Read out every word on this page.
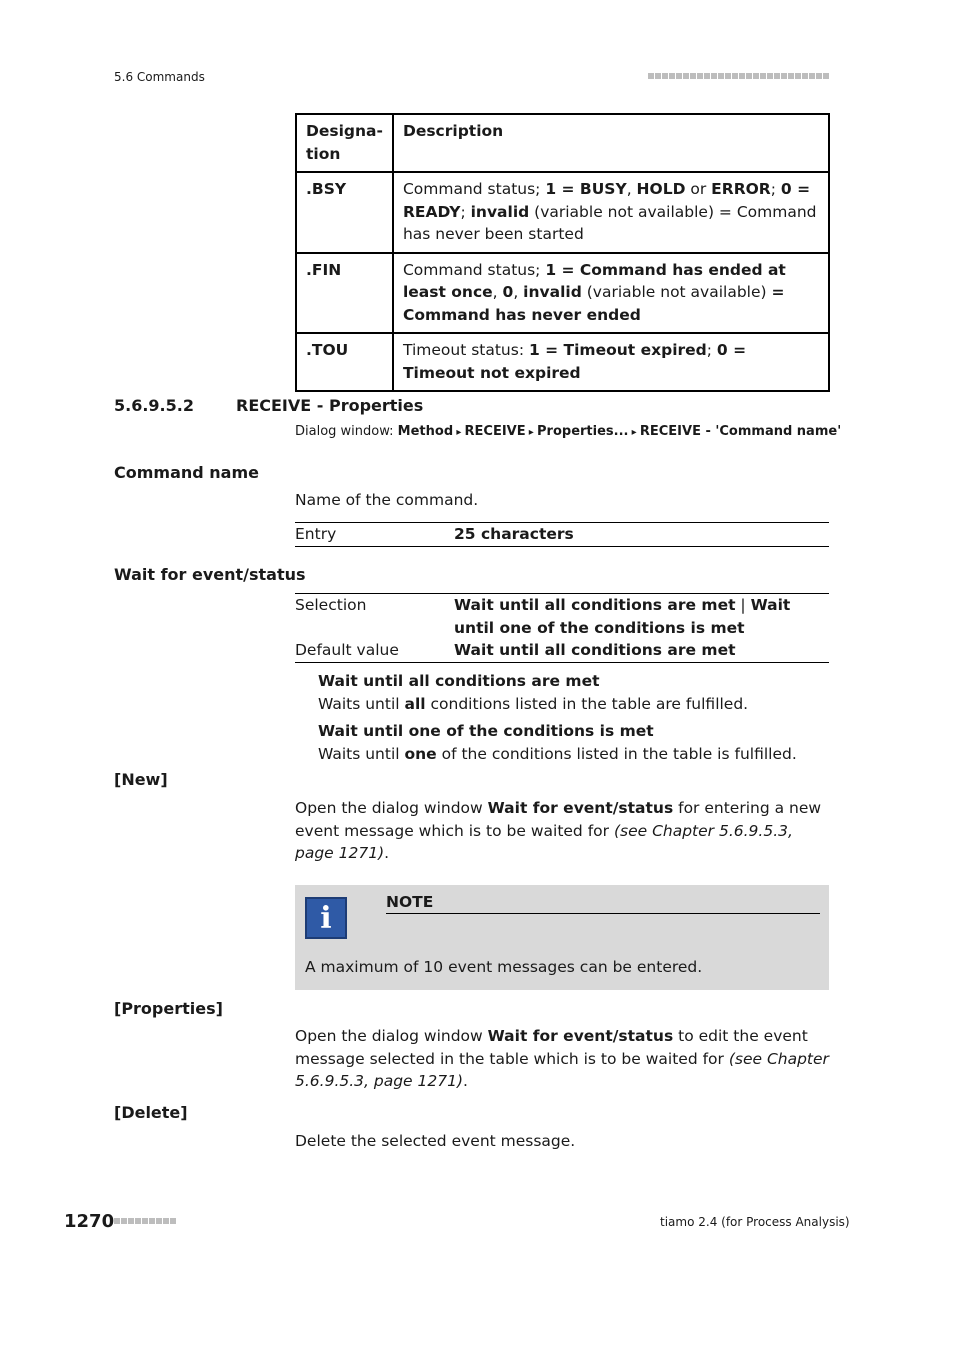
5.6 Commands
Designa-
tion	Description
.BSY	Command status; 1 = BUSY, HOLD or ERROR; 0 = READY; invalid (variable not available) = Command has never been started
.FIN	Command status; 1 = Command has ended at least once, 0, invalid (variable not available) = Command has never ended
.TOU	Timeout status: 1 = Timeout expired; 0 = Timeout not expired
5.6.9.5.2	RECEIVE - Properties
Dialog window: Method ▸ RECEIVE ▸ Properties... ▸ RECEIVE - 'Command name'
Command name
Name of the command.
Entry	25 characters
Wait for event/status
Selection	Wait until all conditions are met | Wait until one of the conditions is met
Default value	Wait until all conditions are met
Wait until all conditions are met
Waits until all conditions listed in the table are fulfilled.
Wait until one of the conditions is met
Waits until one of the conditions listed in the table is fulfilled.
[New]
Open the dialog window Wait for event/status for entering a new event message which is to be waited for (see Chapter 5.6.9.5.3, page 1271).
i	NOTE
A maximum of 10 event messages can be entered.
[Properties]
Open the dialog window Wait for event/status to edit the event message selected in the table which is to be waited for (see Chapter 5.6.9.5.3, page 1271).
[Delete]
Delete the selected event message.
1270	tiamo 2.4 (for Process Analysis)
